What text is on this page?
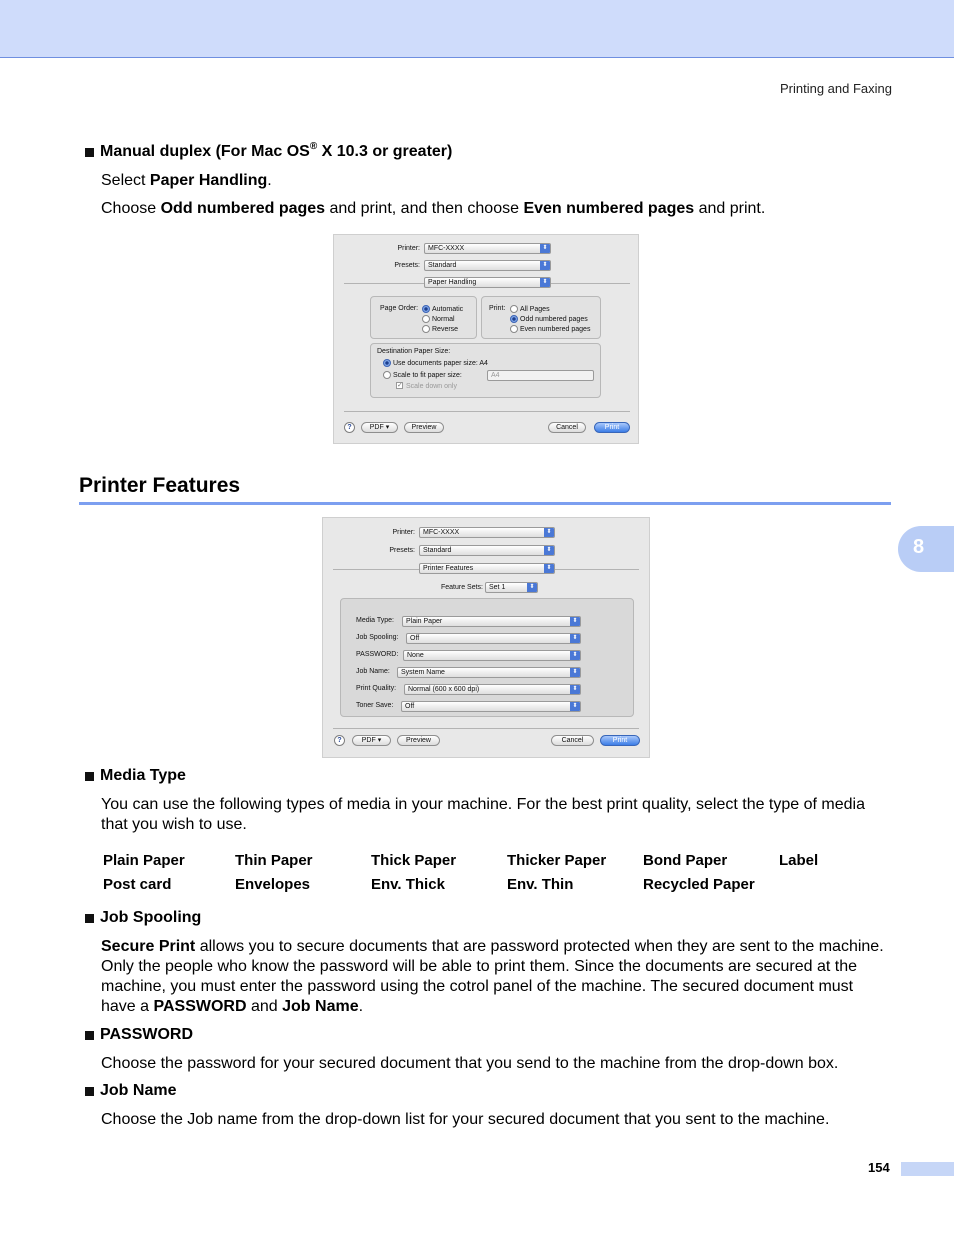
Printing and Faxing
Manual duplex (For Mac OS® X 10.3 or greater)
Select Paper Handling.
Choose Odd numbered pages and print, and then choose Even numbered pages and print.
Printer:	MFC-XXXX	⬍
Presets:	Standard	⬍
Paper Handling	⬍
Page Order: Automatic
Normal
Reverse
Print: All Pages
Odd numbered pages
Even numbered pages
Destination Paper Size:
Use documents paper size: A4
Scale to fit paper size:	A4
✓ Scale down only
?	PDF ▾	Preview	Cancel	Print
Printer Features
8
Printer:	MFC-XXXX	⬍
Presets:	Standard	⬍
Printer Features	⬍
Feature Sets: Set 1	⬍
Media Type:	Plain Paper	⬍
Job Spooling:	Off	⬍
PASSWORD:	None	⬍
Job Name:	System Name	⬍
Print Quality:	Normal (600 x 600 dpi)	⬍
Toner Save:	Off	⬍
?	PDF ▾	Preview	Cancel	Print
Media Type
You can use the following types of media in your machine. For the best print quality, select the type of media that you wish to use.
Plain Paper	Thin Paper	Thick Paper	Thicker Paper	Bond Paper	Label
Post card	Envelopes	Env. Thick	Env. Thin	Recycled Paper	
Job Spooling
Secure Print allows you to secure documents that are password protected when they are sent to the machine. Only the people who know the password will be able to print them. Since the documents are secured at the machine, you must enter the password using the cotrol panel of the machine. The secured document must have a PASSWORD and Job Name.
PASSWORD
Choose the password for your secured document that you send to the machine from the drop-down box.
Job Name
Choose the Job name from the drop-down list for your secured document that you sent to the machine.
154
